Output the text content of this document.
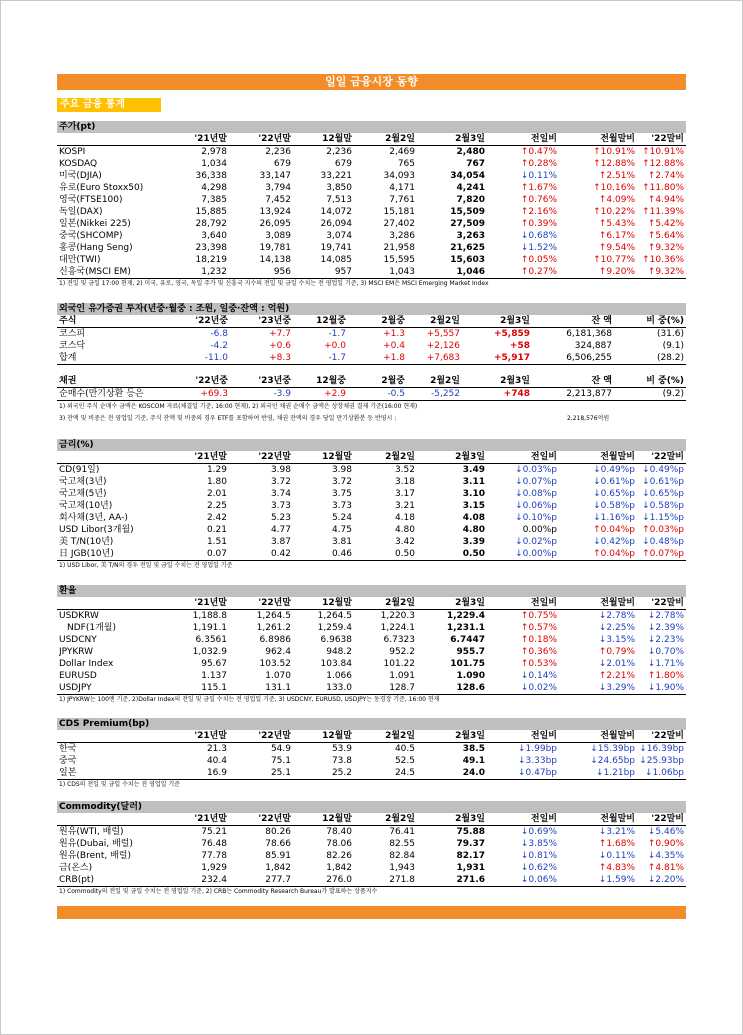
일일 금융시장 동향
주요 금융 통계
주가(pt)
'21년말	'22년말	12월말	2월2일	2월3일	전일비	전월말비	'22말비
KOSPI	2,978	2,236	2,236	2,469	2,480	↑0.47%	↑10.91% ↑10.91%
KOSDAQ	1,034	679	679	765	767	↑0.28%	↑12.88% ↑12.88%
미국(DJIA)	36,338	33,147	33,221	34,093	34,054	↓0.11%	↑2.51%	↑2.74%
유로(Euro Stoxx50)	4,298	3,794	3,850	4,171	4,241	↑1.67%	↑10.16% ↑11.80%
영국(FTSE100)	7,385	7,452	7,513	7,761	7,820	↑0.76%	↑4.09%	↑4.94%
독일(DAX)	15,885	13,924	14,072	15,181	15,509	↑2.16%	↑10.22% ↑11.39%
일본(Nikkei 225)	28,792	26,095	26,094	27,402	27,509	↑0.39%	↑5.43%	↑5.42%
중국(SHCOMP)	3,640	3,089	3,074	3,286	3,263	↓0.68%	↑6.17%	↑5.64%
홍콩(Hang Seng)	23,398	19,781	19,741	21,958	21,625	↓1.52%	↑9.54%	↑9.32%
대만(TWI)	18,219	14,138	14,085	15,595	15,603	↑0.05%	↑10.77% ↑10.36%
신흥국(MSCI EM)	1,232	956	957	1,043	1,046	↑0.27%	↑9.20%	↑9.32%
1) 전일 및 금일 17:00 현재, 2) 미국, 유로, 영국, 독일 주가 및 신흥국 지수의 전일 및 금일 수치는 전 영업일 기준, 3) MSCI EM은 MSCI Emerging Market Index
외국인 유가증권 투자(년중·월중 : 조원, 일중·잔액 : 억원)
주식	'22년중	'23년중	12월중	2월중	2월2일	2월3일	잔 액	비 중(%)
코스피	-6.8	+7.7	-1.7	+1.3	+5,557	+5,859	6,181,368	(31.6)
코스닥	-4.2	+0.6	+0.0	+0.4	+2,126	+58	324,887	(9.1)
합계	-11.0	+8.3	-1.7	+1.8	+7,683	+5,917	6,506,255	(28.2)
채권	'22년중	'23년중	12월중	2월중	2월2일	2월3일	잔 액	비 중(%)
순매수(만기상환 등은	+69.3	-3.9	+2.9	-0.5	-5,252	+748	2,213,877	(9.2)
1) 외국인 주식 순매수 금액은 KOSCOM 자료(체결일 기준, 16:00 현재), 2) 외국인 채권 순매수 금액은 상장채권 결제 기준(16:00 현재)
3) 잔액 및 비중은 전 영업일 기준, 주식 잔액 및 비중의 경우 ETF를 포함하여 반영, 채권 잔액의 경우 당일 만기상환분 등 반영시 :	2,218,576억원
금리(%)
'21년말	'22년말	12월말	2월2일	2월3일	전일비	전월말비	'22말비
CD(91일)	1.29	3.98	3.98	3.52	3.49	↓0.03%p	↓0.49%p ↓0.49%p
국고채(3년)	1.80	3.72	3.72	3.18	3.11	↓0.07%p	↓0.61%p ↓0.61%p
국고채(5년)	2.01	3.74	3.75	3.17	3.10	↓0.08%p	↓0.65%p ↓0.65%p
국고채(10년)	2.25	3.73	3.73	3.21	3.15	↓0.06%p	↓0.58%p ↓0.58%p
회사채(3년, AA-)	2.42	5.23	5.24	4.18	4.08	↓0.10%p	↓1.16%p ↓1.15%p
USD Libor(3개월)	0.21	4.77	4.75	4.80	4.80	0.00%p	↑0.04%p ↑0.03%p
美 T/N(10년)	1.51	3.87	3.81	3.42	3.39	↓0.02%p	↓0.42%p ↓0.48%p
日 JGB(10년)	0.07	0.42	0.46	0.50	0.50	↓0.00%p	↑0.04%p ↑0.07%p
1) USD Libor, 美 T/N의 경우 전일 및 금일 수치는 전 영업일 기준
환율
'21년말	'22년말	12월말	2월2일	2월3일	전일비	전월말비	'22말비
USDKRW	1,188.8	1,264.5	1,264.5	1,220.3	1,229.4	↑0.75%	↓2.78%	↓2.78%
NDF(1개월)	1,191.1	1,261.2	1,259.4	1,224.1	1,231.1	↑0.57%	↓2.25%	↓2.39%
USDCNY	6.3561	6.8986	6.9638	6.7323	6.7447	↑0.18%	↓3.15%	↓2.23%
JPYKRW	1,032.9	962.4	948.2	952.2	955.7	↑0.36%	↑0.79%	↓0.70%
Dollar Index	95.67	103.52	103.84	101.22	101.75	↑0.53%	↓2.01%	↓1.71%
EURUSD	1.137	1.070	1.066	1.091	1.090	↓0.14%	↑2.21%	↑1.80%
USDJPY	115.1	131.1	133.0	128.7	128.6	↓0.02%	↓3.29%	↓1.90%
1) JPYKRW는 100엔 기준, 2)Dollar Index의 전일 및 금일 수치는 전 영업일 기준, 3) USDCNY, EURUSD, USDJPY는 동경장 기준, 16:00 현재
CDS Premium(bp)
'21년말	'22년말	12월말	2월2일	2월3일	전일비	전월말비	'22말비
한국	21.3	54.9	53.9	40.5	38.5	↓1.99bp	↓15.39bp ↓16.39bp
중국	40.4	75.1	73.8	52.5	49.1	↓3.33bp	↓24.65bp ↓25.93bp
일본	16.9	25.1	25.2	24.5	24.0	↓0.47bp	↓1.21bp	↓1.06bp
1) CDS의 전일 및 금일 수치는 전 영업일 기준
Commodity(달러)
'21년말	'22년말	12월말	2월2일	2월3일	전일비	전월말비	'22말비
원유(WTI, 배럴)	75.21	80.26	78.40	76.41	75.88	↓0.69%	↓3.21%	↓5.46%
원유(Dubai, 배럴)	76.48	78.66	78.06	82.55	79.37	↓3.85%	↑1.68%	↑0.90%
원유(Brent, 배럴)	77.78	85.91	82.26	82.84	82.17	↓0.81%	↓0.11%	↓4.35%
금(온스)	1,929	1,842	1,842	1,943	1,931	↓0.62%	↑4.83%	↑4.81%
CRB(pt)	232.4	277.7	276.0	271.8	271.6	↓0.06%	↓1.59%	↓2.20%
1) Commodity의 전일 및 금일 수치는 전 영업일 기준, 2) CRB는 Commodity Research Bureau가 발표하는 상품지수
